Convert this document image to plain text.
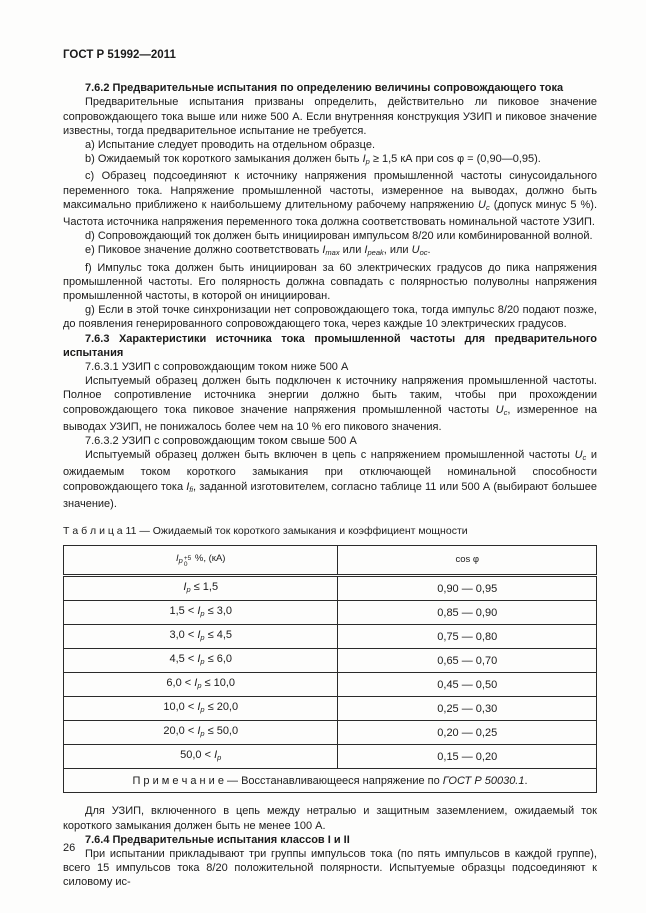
ГОСТ Р 51992—2011

7.6.2 Предварительные испытания по определению величины сопровождающего тока

Предварительные испытания призваны определить, действительно ли пиковое значение сопровождающего тока выше или ниже 500 А. Если внутренняя конструкция УЗИП и пиковое значение известны, тогда предварительное испытание не требуется.

а) Испытание следует проводить на отдельном образце.

b) Ожидаемый ток короткого замыкания должен быть Ip ≥ 1,5 кА при cos φ = (0,90—0,95).

с) Образец подсоединяют к источнику напряжения промышленной частоты синусоидального переменного тока. Напряжение промышленной частоты, измеренное на выводах, должно быть максимально приближено к наибольшему длительному рабочему напряжению Uc (допуск минус 5 %). Частота источника напряжения переменного тока должна соответствовать номинальной частоте УЗИП.

d) Сопровождающий ток должен быть инициирован импульсом 8/20 или комбинированной волной.

е) Пиковое значение должно соответствовать Imax или Ipeak, или Uoc.

f) Импульс тока должен быть инициирован за 60 электрических градусов до пика напряжения промышленной частоты. Его полярность должна совпадать с полярностью полуволны напряжения промышленной частоты, в которой он инициирован.

g) Если в этой точке синхронизации нет сопровождающего тока, тогда импульс 8/20 подают позже, до появления генерированного сопровождающего тока, через каждые 10 электрических градусов.

7.6.3 Характеристики источника тока промышленной частоты для предварительного испытания

7.6.3.1 УЗИП с сопровождающим током ниже 500 А

Испытуемый образец должен быть подключен к источнику напряжения промышленной частоты. Полное сопротивление источника энергии должно быть таким, чтобы при прохождении сопровождающего тока пиковое значение напряжения промышленной частоты Uc, измеренное на выводах УЗИП, не понижалось более чем на 10 % его пикового значения.

7.6.3.2 УЗИП с сопровождающим током свыше 500 А

Испытуемый образец должен быть включен в цепь с напряжением промышленной частоты Uc и ожидаемым током короткого замыкания при отключающей номинальной способности сопровождающего тока Ifi, заданной изготовителем, согласно таблице 11 или 500 А (выбирают большее значение).

Т а б л и ц а 11 — Ожидаемый ток короткого замыкания и коэффициент мощности
$I_p +5$
0
%, (кА)	cos φ
Ip ≤ 1,5	0,90 — 0,95
1,5 < Ip ≤ 3,0	0,85 — 0,90
3,0 < Ip ≤ 4,5	0,75 — 0,80
4,5 < Ip ≤ 6,0	0,65 — 0,70
6,0 < Ip ≤ 10,0	0,45 — 0,50
10,0 < Ip ≤ 20,0	0,25 — 0,30
20,0 < Ip ≤ 50,0	0,20 — 0,25
50,0 < Ip	0,15 — 0,20
П р и м е ч а н и е — Восстанавливающееся напряжение по ГОСТ Р 50030.1.	

Для УЗИП, включенного в цепь между нетралью и защитным заземлением, ожидаемый ток короткого замыкания должен быть не менее 100 А.

7.6.4 Предварительные испытания классов I и II

При испытании прикладывают три группы импульсов тока (по пять импульсов в каждой группе), всего 15 импульсов тока 8/20 положительной полярности. Испытуемые образцы подсоединяют к силовому ис-

26
